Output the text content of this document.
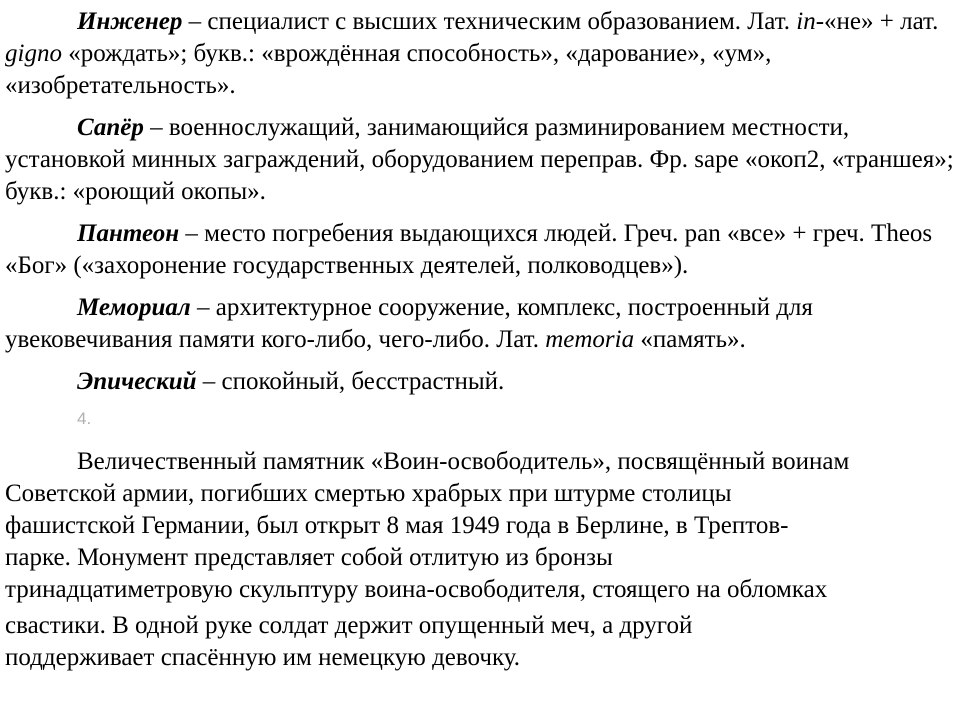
Инженер – специалист с высших техническим образованием. Лат. in-«не» + лат. gigno «рождать»; букв.: «врождённая способность», «дарование», «ум», «изобретательность».

Сапёр – военнослужащий, занимающийся разминированием местности, установкой минных заграждений, оборудованием переправ. Фр. sape «окоп2, «траншея»; букв.: «роющий окопы».

Пантеон – место погребения выдающихся людей. Греч. pan «все» + греч. Theos «Бог» («захоронение государственных деятелей, полководцев»).

Мемориал – архитектурное сооружение, комплекс, построенный для увековечивания памяти кого-либо, чего-либо. Лат. memoria «память».

Эпический – спокойный, бесстрастный.

4.
Величественный памятник «Воин-освободитель», посвящённый воинам
Советской армии, погибших смертью храбрых при штурме столицы
фашистской Германии, был открыт 8 мая 1949 года в Берлине, в Трептов-
парке. Монумент представляет собой отлитую из бронзы
тринадцатиметровую скульптуру воина-освободителя, стоящего на обломках
свастики. В одной руке солдат держит опущенный меч, а другой
поддерживает спасённую им немецкую девочку.
